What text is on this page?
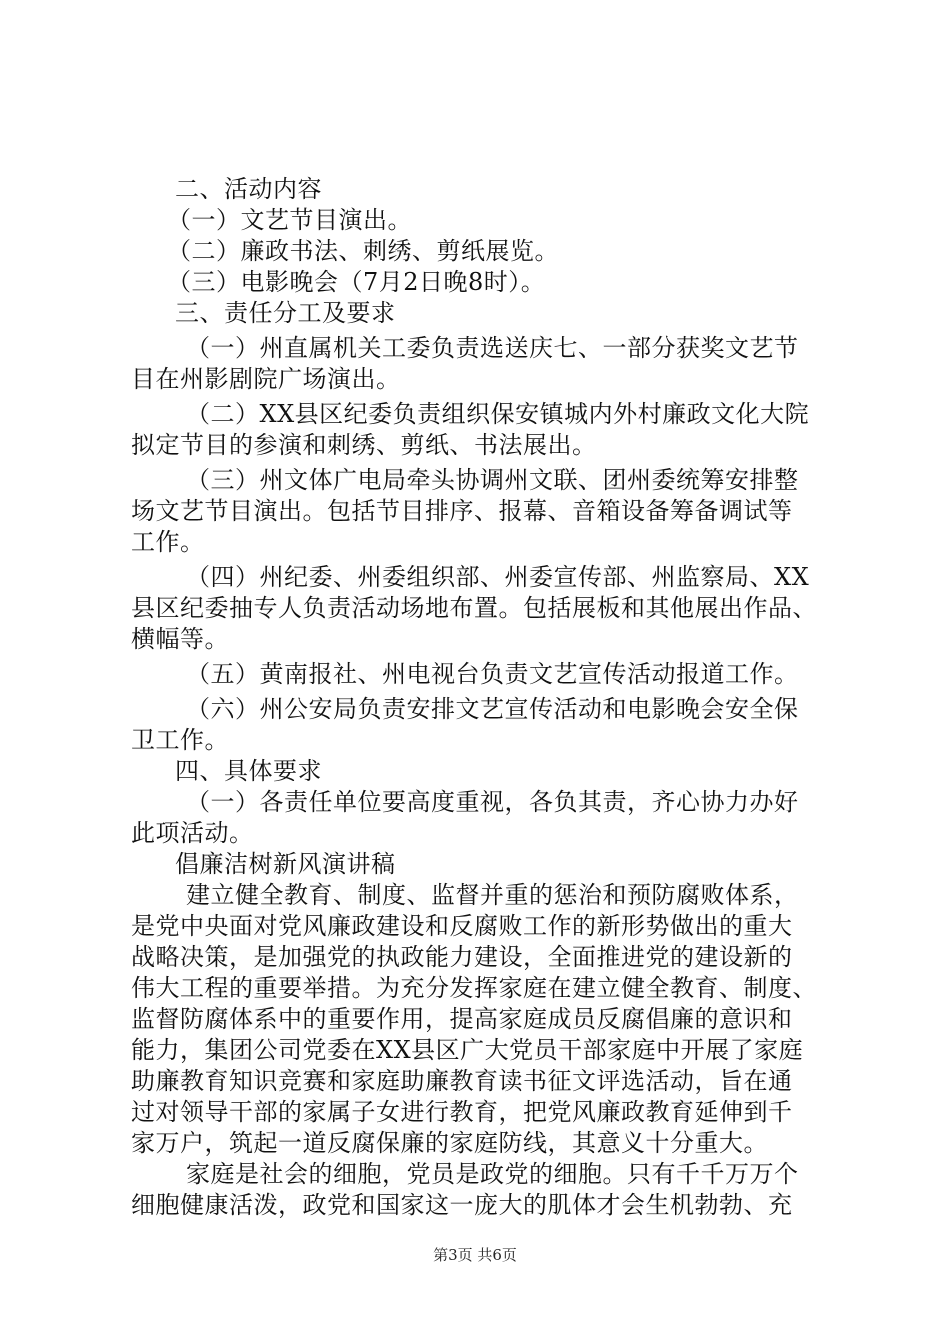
二、活动内容
（一）文艺节目演出。
（二）廉政书法、刺绣、剪纸展览。
（三）电影晚会（7月2日晚8时）。
三、责任分工及要求
（一）州直属机关工委负责选送庆七、一部分获奖文艺节
目在州影剧院广场演出。
（二）XX县区纪委负责组织保安镇城内外村廉政文化大院
拟定节目的参演和刺绣、剪纸、书法展出。
（三）州文体广电局牵头协调州文联、团州委统筹安排整
场文艺节目演出。包括节目排序、报幕、音箱设备筹备调试等
工作。
（四）州纪委、州委组织部、州委宣传部、州监察局、XX
县区纪委抽专人负责活动场地布置。包括展板和其他展出作品、
横幅等。
（五）黄南报社、州电视台负责文艺宣传活动报道工作。
（六）州公安局负责安排文艺宣传活动和电影晚会安全保
卫工作。
四、具体要求
（一）各责任单位要高度重视，各负其责，齐心协力办好
此项活动。
倡廉洁树新风演讲稿
建立健全教育、制度、监督并重的惩治和预防腐败体系，
是党中央面对党风廉政建设和反腐败工作的新形势做出的重大
战略决策，是加强党的执政能力建设，全面推进党的建设新的
伟大工程的重要举措。为充分发挥家庭在建立健全教育、制度、
监督防腐体系中的重要作用，提高家庭成员反腐倡廉的意识和
能力，集团公司党委在XX县区广大党员干部家庭中开展了家庭
助廉教育知识竞赛和家庭助廉教育读书征文评选活动，旨在通
过对领导干部的家属子女进行教育，把党风廉政教育延伸到千
家万户，筑起一道反腐保廉的家庭防线，其意义十分重大。
家庭是社会的细胞，党员是政党的细胞。只有千千万万个
细胞健康活泼，政党和国家这一庞大的肌体才会生机勃勃、充
第3页 共6页
